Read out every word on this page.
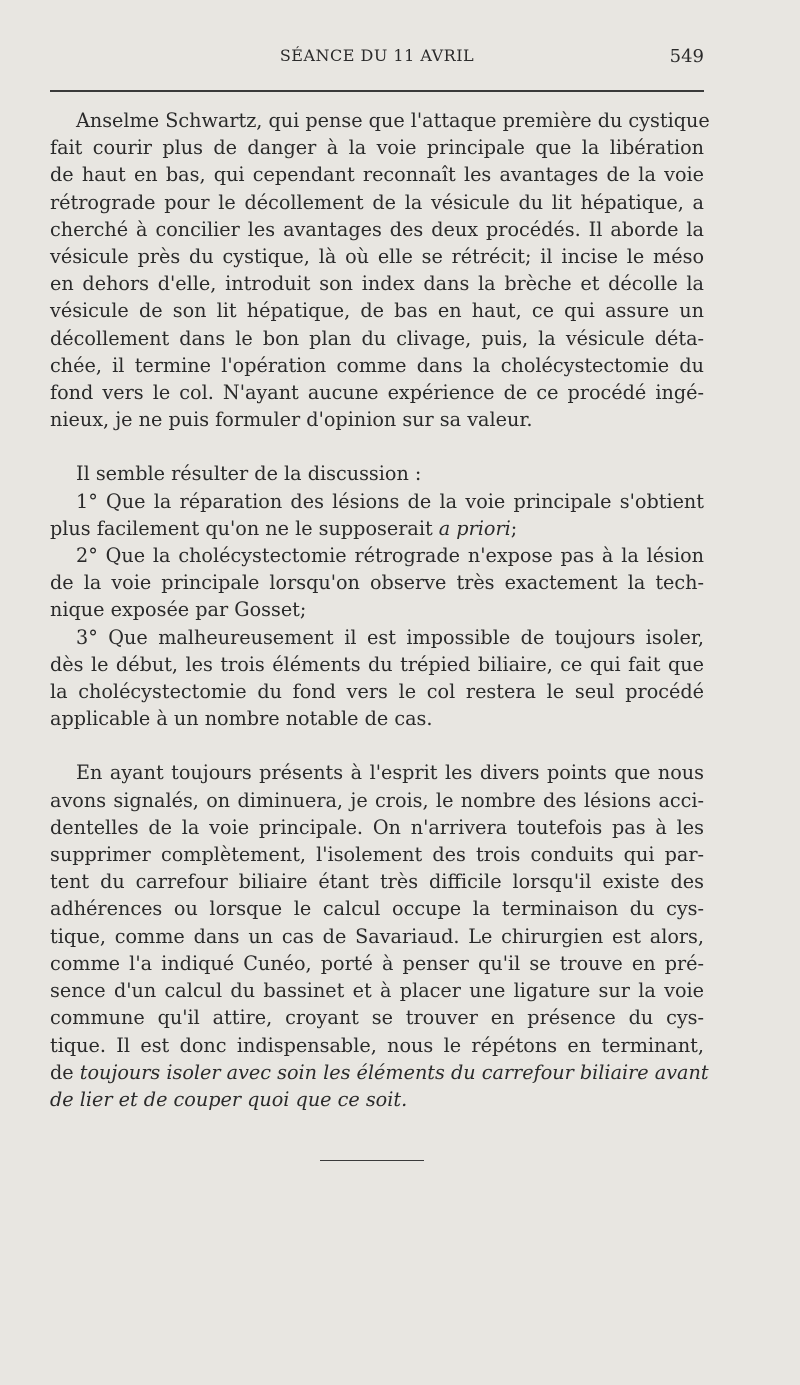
SÉANCE DU 11 AVRIL	549
Anselme Schwartz, qui pense que l'attaque première du cystique
fait courir plus de danger à la voie principale que la libération
de haut en bas, qui cependant reconnaît les avantages de la voie
rétrograde pour le décollement de la vésicule du lit hépatique, a
cherché à concilier les avantages des deux procédés. Il aborde la
vésicule près du cystique, là où elle se rétrécit; il incise le méso
en dehors d'elle, introduit son index dans la brèche et décolle la
vésicule de son lit hépatique, de bas en haut, ce qui assure un
décollement dans le bon plan du clivage, puis, la vésicule déta-
chée, il termine l'opération comme dans la cholécystectomie du
fond vers le col. N'ayant aucune expérience de ce procédé ingé-
nieux, je ne puis formuler d'opinion sur sa valeur.
Il semble résulter de la discussion :
1° Que la réparation des lésions de la voie principale s'obtient
plus facilement qu'on ne le supposerait a priori;
2° Que la cholécystectomie rétrograde n'expose pas à la lésion
de la voie principale lorsqu'on observe très exactement la tech-
nique exposée par Gosset;
3° Que malheureusement il est impossible de toujours isoler,
dès le début, les trois éléments du trépied biliaire, ce qui fait que
la cholécystectomie du fond vers le col restera le seul procédé
applicable à un nombre notable de cas.
En ayant toujours présents à l'esprit les divers points que nous
avons signalés, on diminuera, je crois, le nombre des lésions acci-
dentelles de la voie principale. On n'arrivera toutefois pas à les
supprimer complètement, l'isolement des trois conduits qui par-
tent du carrefour biliaire étant très difficile lorsqu'il existe des
adhérences ou lorsque le calcul occupe la terminaison du cys-
tique, comme dans un cas de Savariaud. Le chirurgien est alors,
comme l'a indiqué Cunéo, porté à penser qu'il se trouve en pré-
sence d'un calcul du bassinet et à placer une ligature sur la voie
commune qu'il attire, croyant se trouver en présence du cys-
tique. Il est donc indispensable, nous le répétons en terminant,
de toujours isoler avec soin les éléments du carrefour biliaire avant
de lier et de couper quoi que ce soit.
